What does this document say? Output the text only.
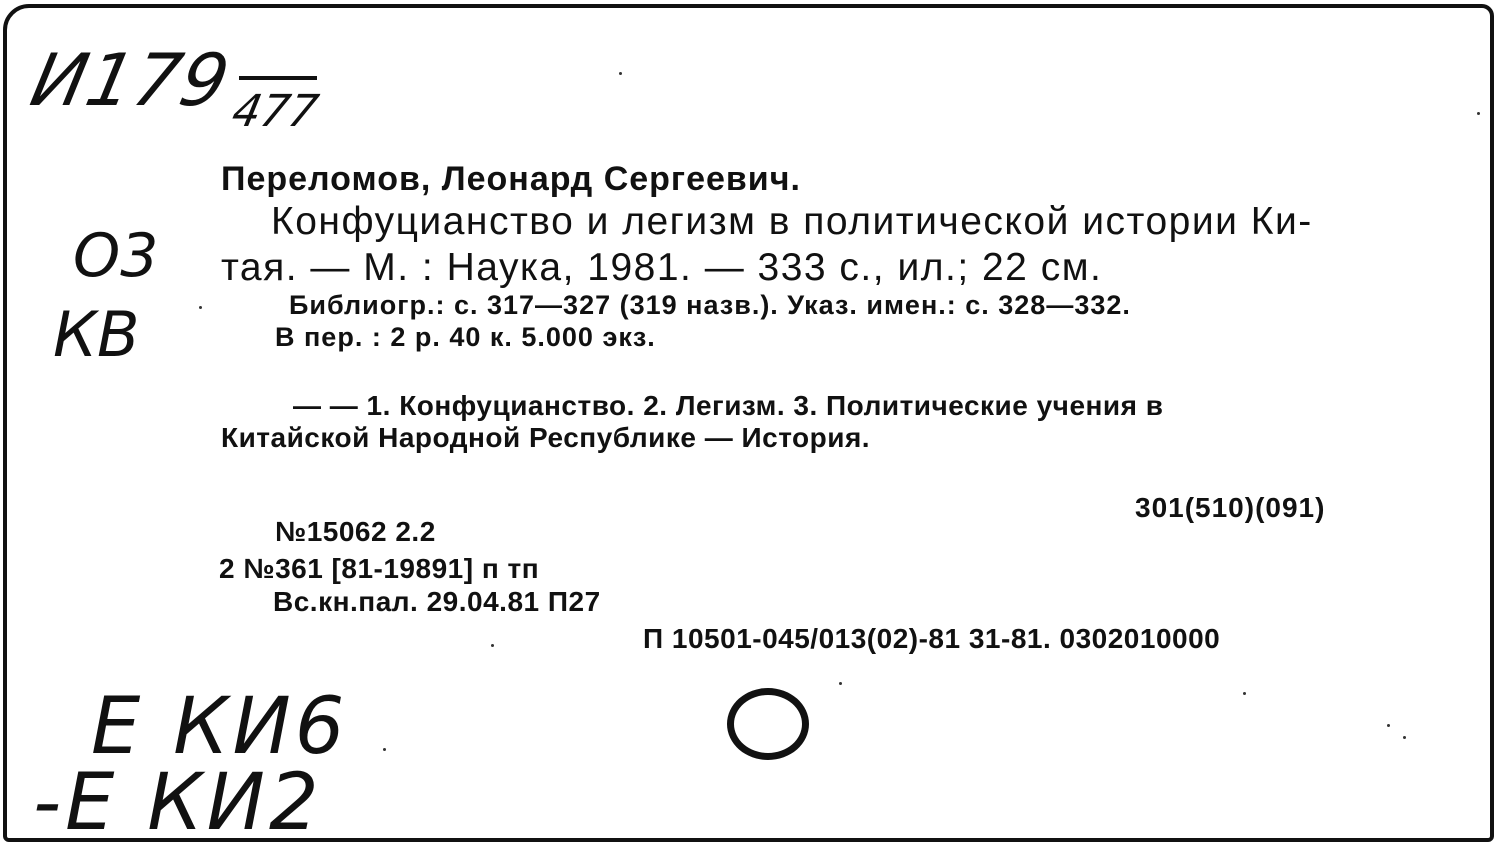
И179
477
О3
КВ
Переломов, Леонард Сергеевич.
Конфуцианство и легизм в политической истории Ки-
тая. — М. : Наука, 1981. — 333 с., ил.; 22 см.
Библиогр.: с. 317—327 (319 назв.). Указ. имен.: с. 328—332.
В пер. : 2 р. 40 к. 5.000 экз.
— — 1. Конфуцианство. 2. Легизм. 3. Политические учения в
Китайской Народной Республике — История.
301(510)(091)
№15062 2.2
2 №361 [81-19891] п тп
Вс.кн.пал. 29.04.81 П27
П 10501-045/013(02)-81 31-81. 0302010000
Е КИ6
-Е КИ2
